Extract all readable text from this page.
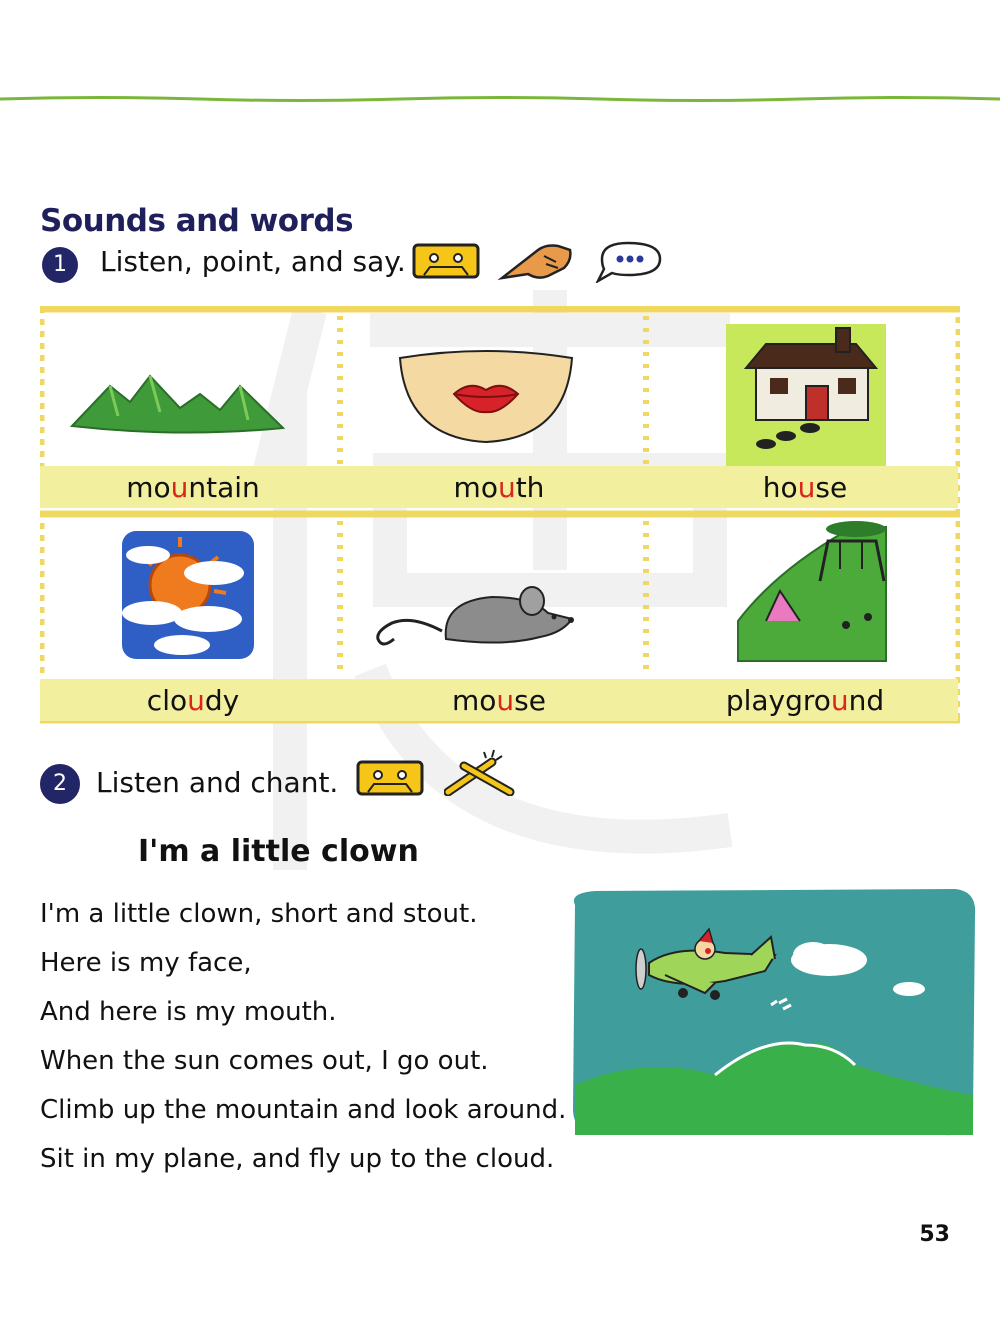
Sounds and words
1	Listen, point, and say.
mo u ntain	mo u th	ho u se
clo u dy	mo u se	playgro u nd
2	Listen and chant.
I'm a little clown
I'm a little clown, short and stout.
Here is my face,
And here is my mouth.
When the sun comes out, I go out.
Climb up the mountain and look around.
Sit in my plane, and fly up to the cloud.
53
